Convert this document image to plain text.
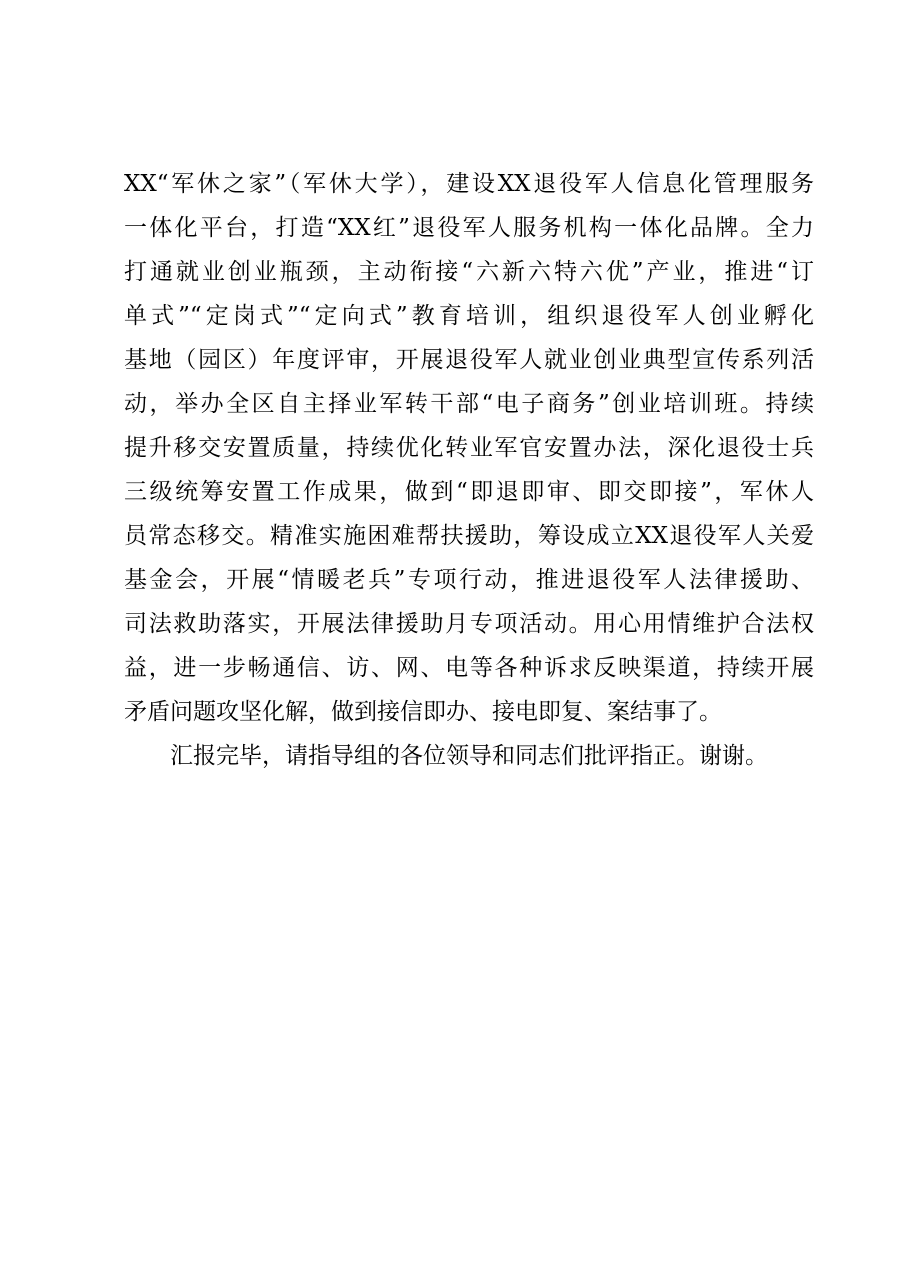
XX“军休之家”（军休大学），建设XX退役军人信息化管理服务
一体化平台，打造“XX红”退役军人服务机构一体化品牌。全力
打通就业创业瓶颈，主动衔接“六新六特六优”产业，推进“订
单式”“定岗式”“定向式”教育培训，组织退役军人创业孵化
基地（园区）年度评审，开展退役军人就业创业典型宣传系列活
动，举办全区自主择业军转干部“电子商务”创业培训班。持续
提升移交安置质量，持续优化转业军官安置办法，深化退役士兵
三级统筹安置工作成果，做到“即退即审、即交即接”，军休人
员常态移交。精准实施困难帮扶援助，筹设成立XX退役军人关爱
基金会，开展“情暖老兵”专项行动，推进退役军人法律援助、
司法救助落实，开展法律援助月专项活动。用心用情维护合法权
益，进一步畅通信、访、网、电等各种诉求反映渠道，持续开展
矛盾问题攻坚化解，做到接信即办、接电即复、案结事了。
汇报完毕，请指导组的各位领导和同志们批评指正。谢谢。
